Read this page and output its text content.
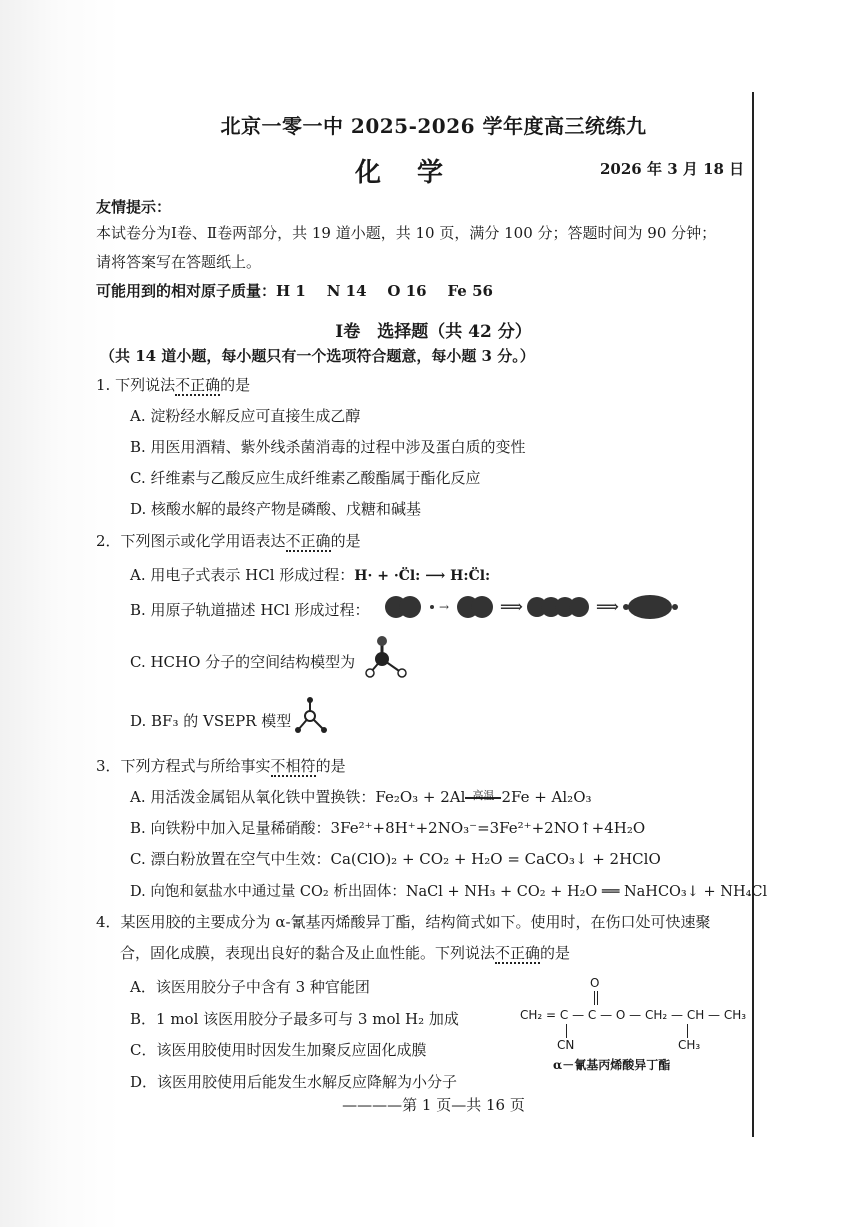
北京一零一中 2025-2026 学年度高三统练九
化学	2026 年 3 月 18 日
友情提示：
本试卷分为Ⅰ卷、Ⅱ卷两部分，共 19 道小题，共 10 页，满分 100 分；答题时间为 90 分钟；
请将答案写在答题纸上。
可能用到的相对原子质量：H 1    N 14    O 16    Fe 56
Ⅰ卷　选择题（共 42 分）
（共 14 道小题，每小题只有一个选项符合题意，每小题 3 分。）
1. 下列说法不正确的是
A. 淀粉经水解反应可直接生成乙醇
B. 用医用酒精、紫外线杀菌消毒的过程中涉及蛋白质的变性
C. 纤维素与乙酸反应生成纤维素乙酸酯属于酯化反应
D. 核酸水解的最终产物是磷酸、戊糖和碱基
2．下列图示或化学用语表达不正确的是
A. 用电子式表示 HCl 形成过程：H· + ·C̈l: ⟶ H:C̈l:
B. 用原子轨道描述 HCl 形成过程：	→	⟹	⟹
C. HCHO 分子的空间结构模型为
D. BF₃ 的 VSEPR 模型
3．下列方程式与所给事实不相符的是
A. 用活泼金属铝从氧化铁中置换铁：Fe₂O₃ + 2Al 高温 2Fe + Al₂O₃
B. 向铁粉中加入足量稀硝酸：3Fe²⁺+8H⁺+2NO₃⁻=3Fe²⁺+2NO↑+4H₂O
C. 漂白粉放置在空气中生效：Ca(ClO)₂ + CO₂ + H₂O = CaCO₃↓ + 2HClO
D. 向饱和氨盐水中通过量 CO₂ 析出固体：NaCl + NH₃ + CO₂ + H₂O ══ NaHCO₃↓ + NH₄Cl
4．某医用胶的主要成分为 α-氰基丙烯酸异丁酯，结构简式如下。使用时，在伤口处可快速聚
合，固化成膜，表现出良好的黏合及止血性能。下列说法不正确的是
A．该医用胶分子中含有 3 种官能团
B．1 mol 该医用胶分子最多可与 3 mol H₂ 加成
C．该医用胶使用时因发生加聚反应固化成膜
D．该医用胶使用后能发生水解反应降解为小分子
CH₂ = C — C — O — CH₂ — CH — CH₃
O
CN	CH₃
α－氰基丙烯酸异丁酯
————第 1 页—共 16 页
